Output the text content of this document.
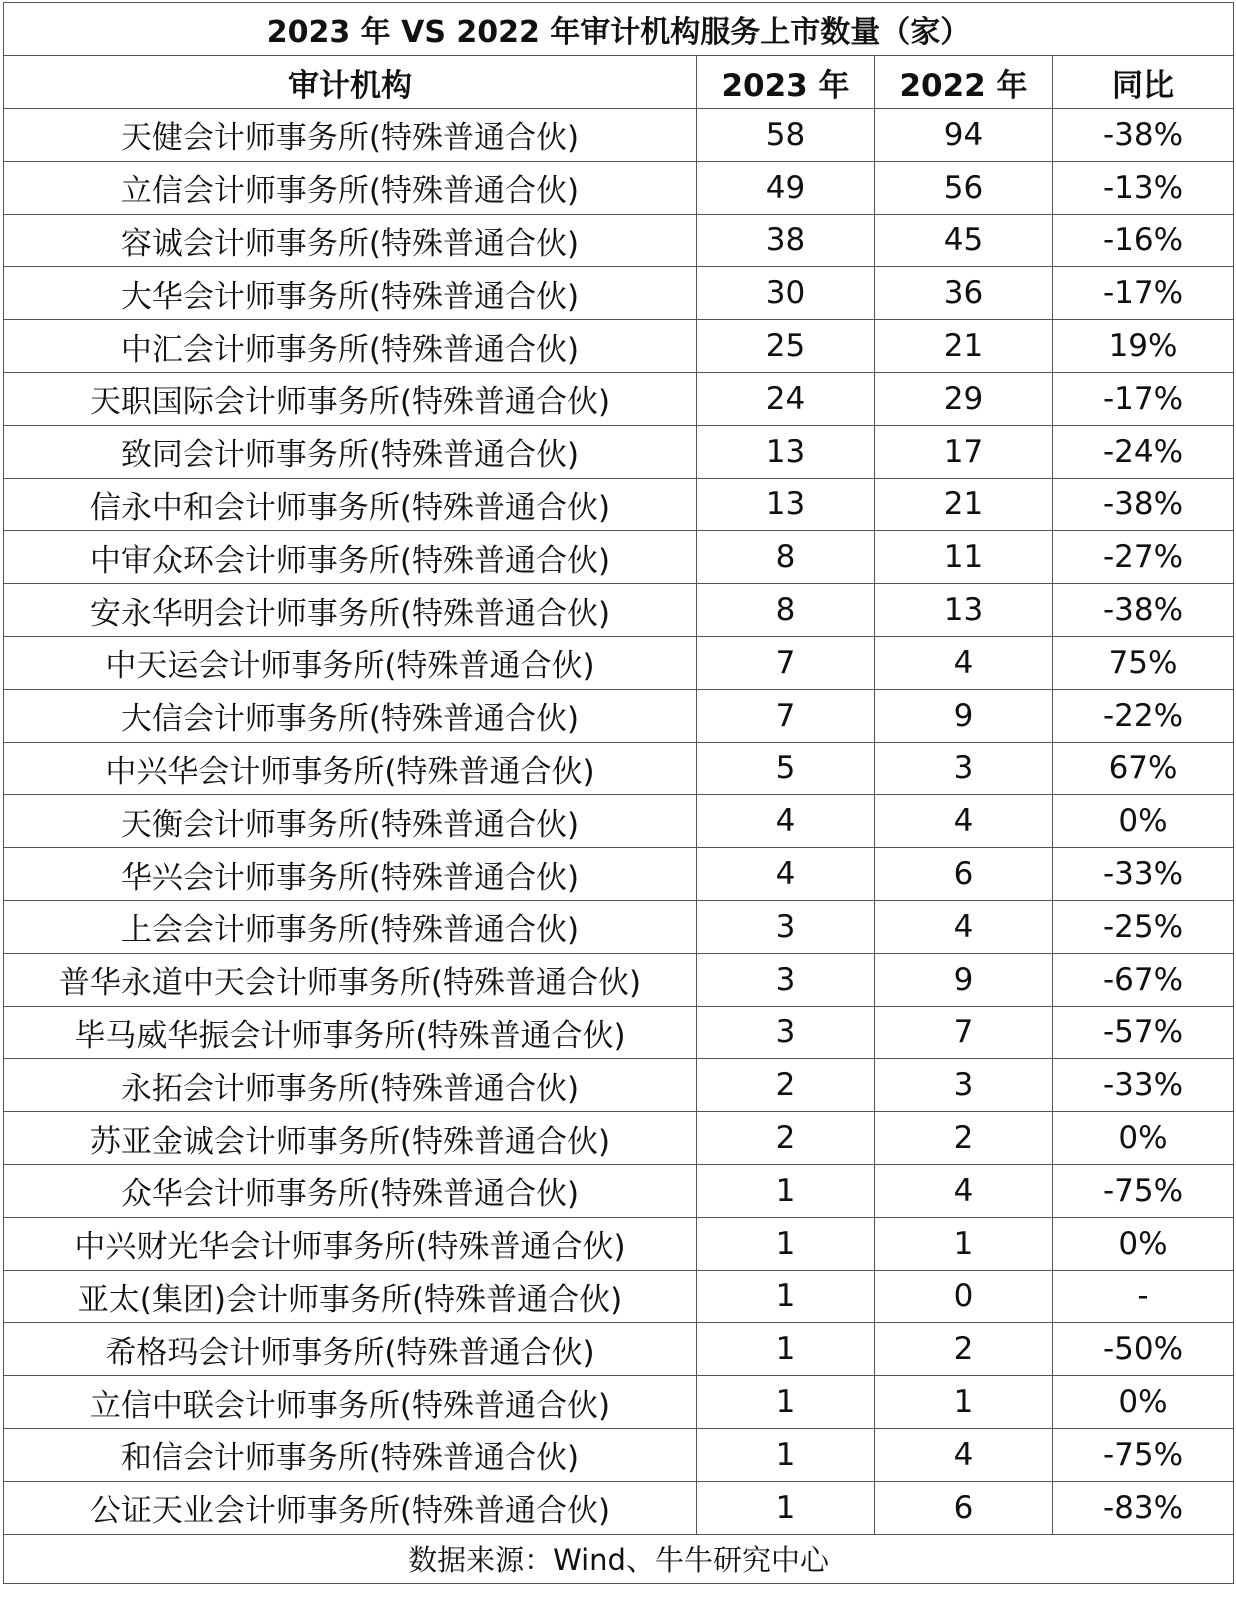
2023 年 VS 2022 年审计机构服务上市数量（家）			
审计机构	2023 年	2022 年	同比
天健会计师事务所(特殊普通合伙)	58	94	-38%
立信会计师事务所(特殊普通合伙)	49	56	-13%
容诚会计师事务所(特殊普通合伙)	38	45	-16%
大华会计师事务所(特殊普通合伙)	30	36	-17%
中汇会计师事务所(特殊普通合伙)	25	21	19%
天职国际会计师事务所(特殊普通合伙)	24	29	-17%
致同会计师事务所(特殊普通合伙)	13	17	-24%
信永中和会计师事务所(特殊普通合伙)	13	21	-38%
中审众环会计师事务所(特殊普通合伙)	8	11	-27%
安永华明会计师事务所(特殊普通合伙)	8	13	-38%
中天运会计师事务所(特殊普通合伙)	7	4	75%
大信会计师事务所(特殊普通合伙)	7	9	-22%
中兴华会计师事务所(特殊普通合伙)	5	3	67%
天衡会计师事务所(特殊普通合伙)	4	4	0%
华兴会计师事务所(特殊普通合伙)	4	6	-33%
上会会计师事务所(特殊普通合伙)	3	4	-25%
普华永道中天会计师事务所(特殊普通合伙)	3	9	-67%
毕马威华振会计师事务所(特殊普通合伙)	3	7	-57%
永拓会计师事务所(特殊普通合伙)	2	3	-33%
苏亚金诚会计师事务所(特殊普通合伙)	2	2	0%
众华会计师事务所(特殊普通合伙)	1	4	-75%
中兴财光华会计师事务所(特殊普通合伙)	1	1	0%
亚太(集团)会计师事务所(特殊普通合伙)	1	0	-
希格玛会计师事务所(特殊普通合伙)	1	2	-50%
立信中联会计师事务所(特殊普通合伙)	1	1	0%
和信会计师事务所(特殊普通合伙)	1	4	-75%
公证天业会计师事务所(特殊普通合伙)	1	6	-83%
数据来源：Wind、牛牛研究中心			
